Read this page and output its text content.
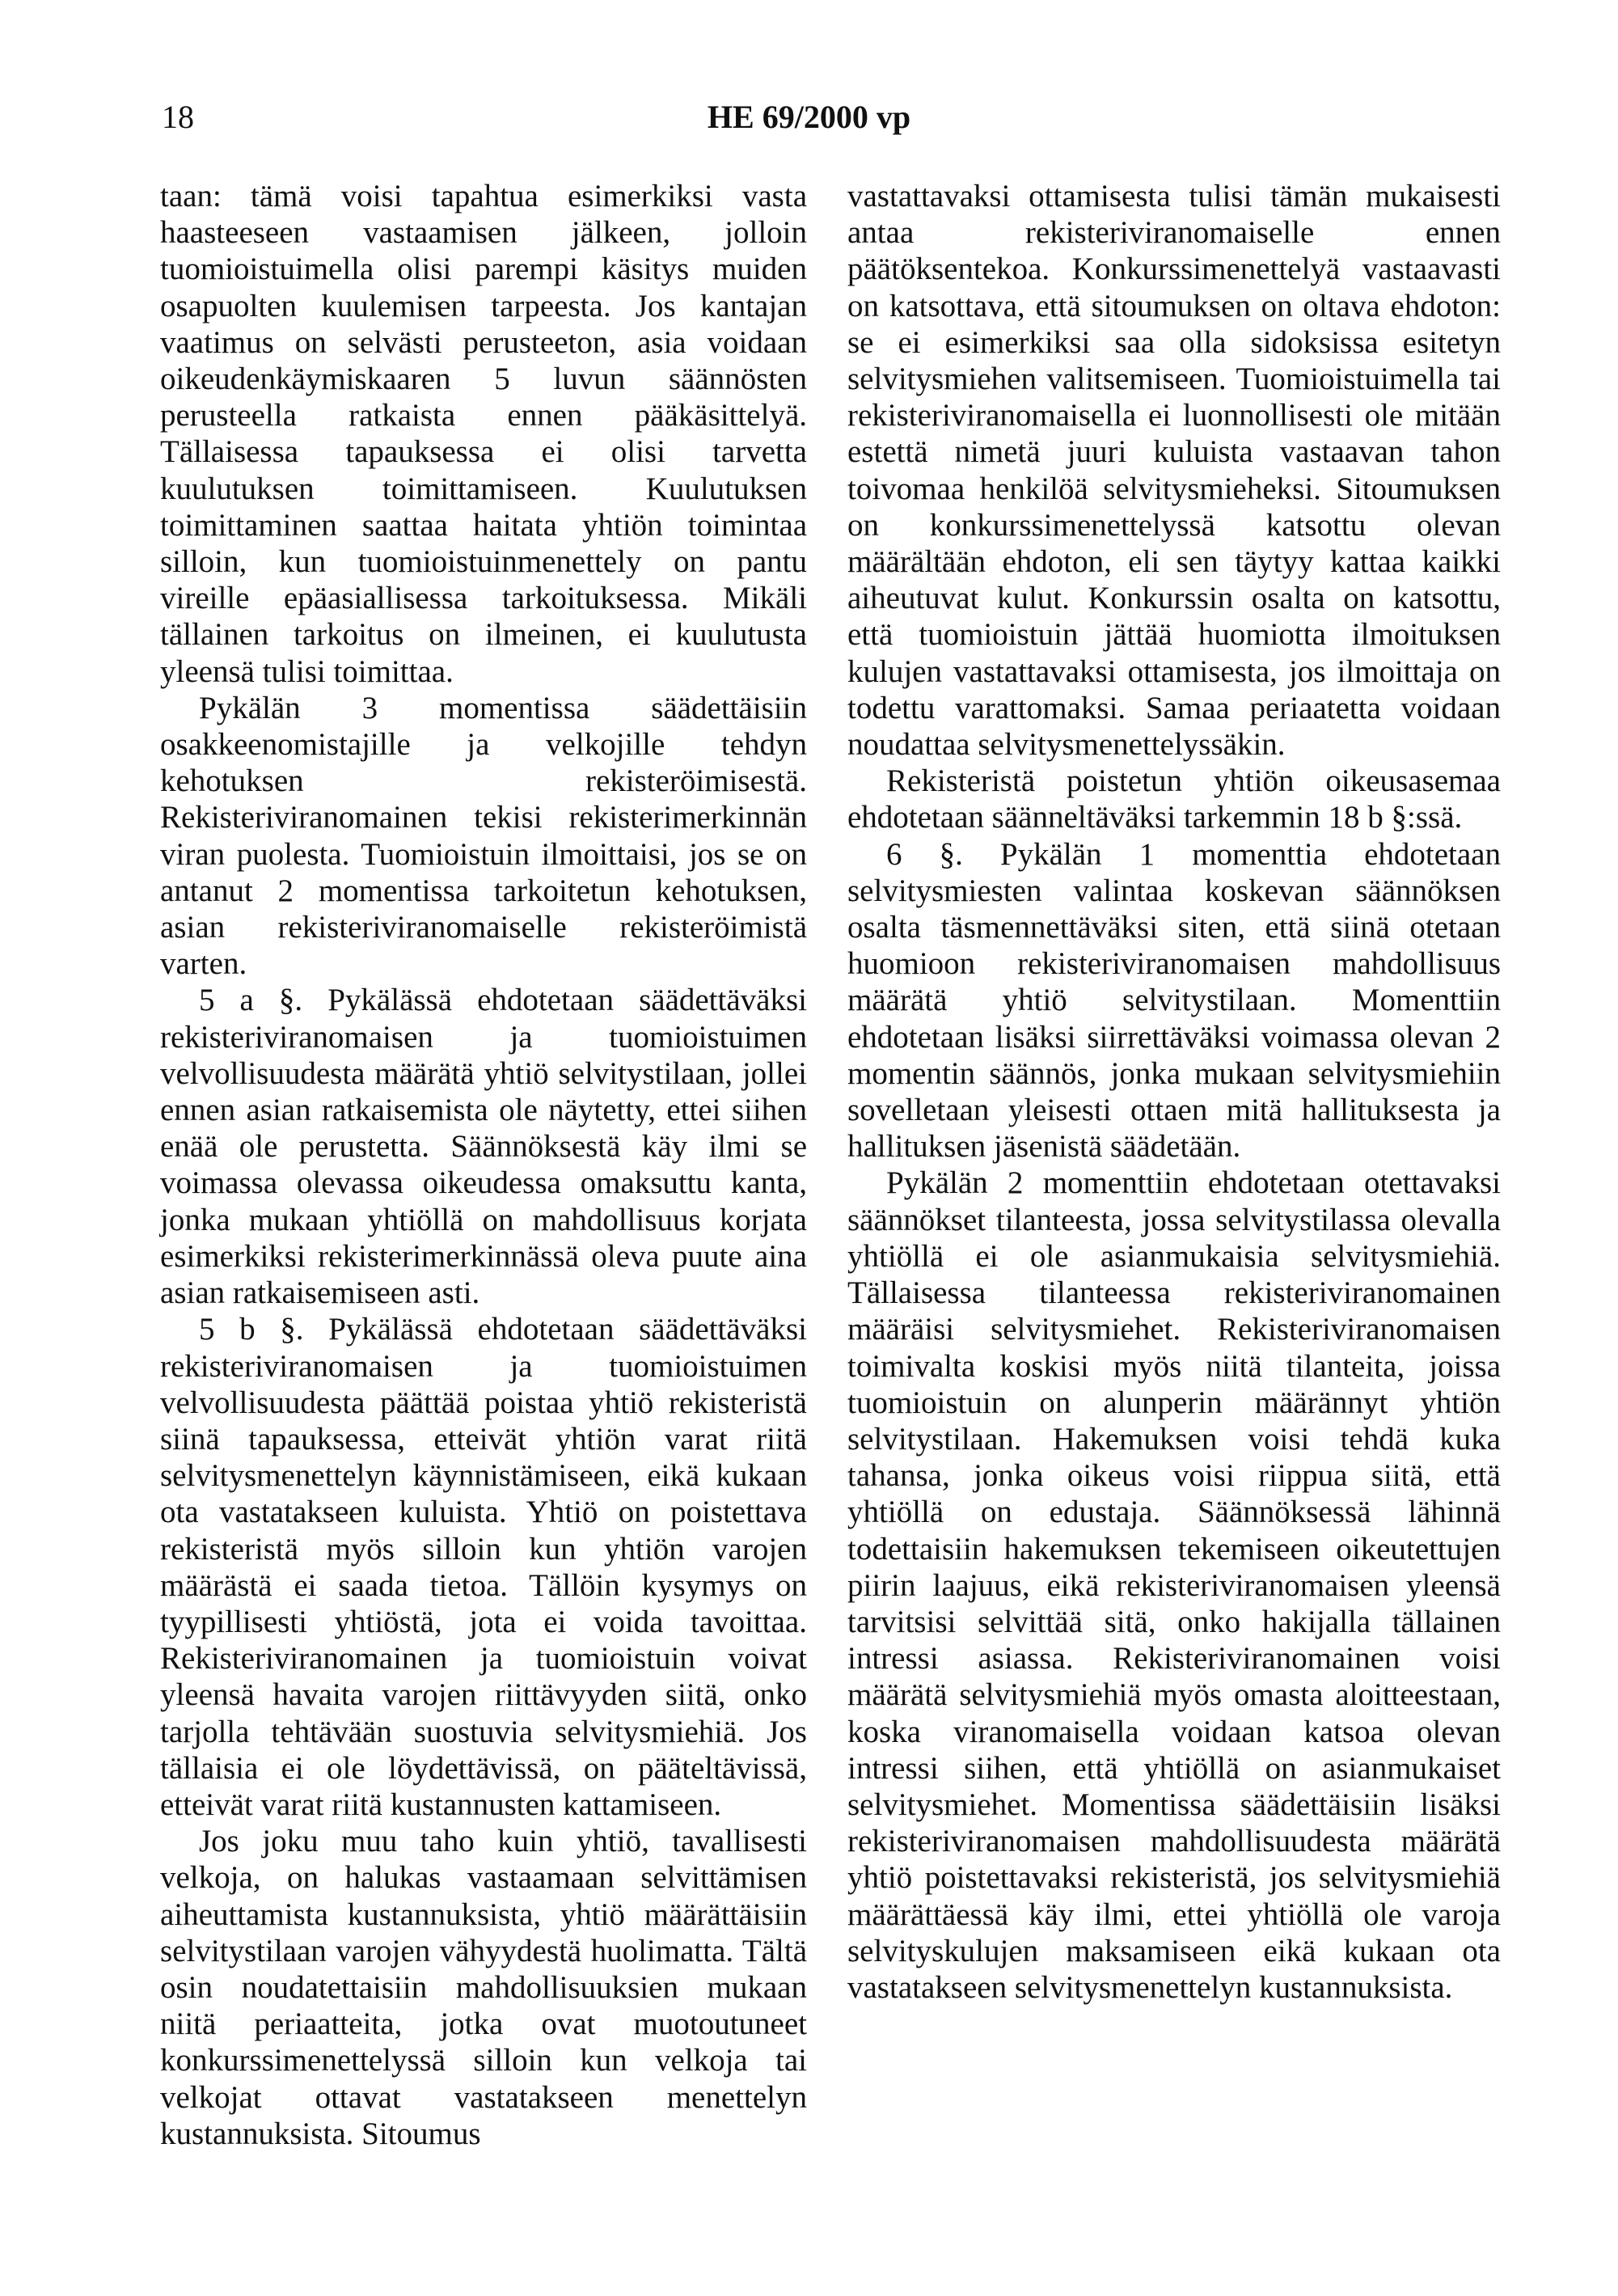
18	HE 69/2000 vp

taan: tämä voisi tapahtua esimerkiksi vasta haasteeseen vastaamisen jälkeen, jolloin tuomioistuimella olisi parempi käsitys muiden osapuolten kuulemisen tarpeesta. Jos kantajan vaatimus on selvästi perusteeton, asia voidaan oikeudenkäymiskaaren 5 luvun säännösten perusteella ratkaista ennen pääkäsittelyä. Tällaisessa tapauksessa ei olisi tarvetta kuulutuksen toimittamiseen. Kuulutuksen toimittaminen saattaa haitata yhtiön toimintaa silloin, kun tuomioistuinmenettely on pantu vireille epäasiallisessa tarkoituksessa. Mikäli tällainen tarkoitus on ilmeinen, ei kuulutusta yleensä tulisi toimittaa.

Pykälän 3 momentissa säädettäisiin osakkeenomistajille ja velkojille tehdyn kehotuksen rekisteröimisestä. Rekisteriviranomainen tekisi rekisterimerkinnän viran puolesta. Tuomioistuin ilmoittaisi, jos se on antanut 2 momentissa tarkoitetun kehotuksen, asian rekisteriviranomaiselle rekisteröimistä varten.

5 a §. Pykälässä ehdotetaan säädettäväksi rekisteriviranomaisen ja tuomioistuimen velvollisuudesta määrätä yhtiö selvitystilaan, jollei ennen asian ratkaisemista ole näytetty, ettei siihen enää ole perustetta. Säännöksestä käy ilmi se voimassa olevassa oikeudessa omaksuttu kanta, jonka mukaan yhtiöllä on mahdollisuus korjata esimerkiksi rekisterimerkinnässä oleva puute aina asian ratkaisemiseen asti.

5 b §. Pykälässä ehdotetaan säädettäväksi rekisteriviranomaisen ja tuomioistuimen velvollisuudesta päättää poistaa yhtiö rekisteristä siinä tapauksessa, etteivät yhtiön varat riitä selvitysmenettelyn käynnistämiseen, eikä kukaan ota vastatakseen kuluista. Yhtiö on poistettava rekisteristä myös silloin kun yhtiön varojen määrästä ei saada tietoa. Tällöin kysymys on tyypillisesti yhtiöstä, jota ei voida tavoittaa. Rekisteriviranomainen ja tuomioistuin voivat yleensä havaita varojen riittävyyden siitä, onko tarjolla tehtävään suostuvia selvitysmiehiä. Jos tällaisia ei ole löydettävissä, on pääteltävissä, etteivät varat riitä kustannusten kattamiseen.

Jos joku muu taho kuin yhtiö, tavallisesti velkoja, on halukas vastaamaan selvittämisen aiheuttamista kustannuksista, yhtiö määrättäisiin selvitystilaan varojen vähyydestä huolimatta. Tältä osin noudatettaisiin mahdollisuuksien mukaan niitä periaatteita, jotka ovat muotoutuneet konkurssimenettelyssä silloin kun velkoja tai velkojat ottavat vastatakseen menettelyn kustannuksista. Sitoumus

vastattavaksi ottamisesta tulisi tämän mukaisesti antaa rekisteriviranomaiselle ennen päätöksentekoa. Konkurssimenettelyä vastaavasti on katsottava, että sitoumuksen on oltava ehdoton: se ei esimerkiksi saa olla sidoksissa esitetyn selvitysmiehen valitsemiseen. Tuomioistuimella tai rekisteriviranomaisella ei luonnollisesti ole mitään estettä nimetä juuri kuluista vastaavan tahon toivomaa henkilöä selvitysmieheksi. Sitoumuksen on konkurssimenettelyssä katsottu olevan määrältään ehdoton, eli sen täytyy kattaa kaikki aiheutuvat kulut. Konkurssin osalta on katsottu, että tuomioistuin jättää huomiotta ilmoituksen kulujen vastattavaksi ottamisesta, jos ilmoittaja on todettu varattomaksi. Samaa periaatetta voidaan noudattaa selvitysmenettelyssäkin.

Rekisteristä poistetun yhtiön oikeusasemaa ehdotetaan säänneltäväksi tarkemmin 18 b §:ssä.

6 §. Pykälän 1 momenttia ehdotetaan selvitysmiesten valintaa koskevan säännöksen osalta täsmennettäväksi siten, että siinä otetaan huomioon rekisteriviranomaisen mahdollisuus määrätä yhtiö selvitystilaan. Momenttiin ehdotetaan lisäksi siirrettäväksi voimassa olevan 2 momentin säännös, jonka mukaan selvitysmiehiin sovelletaan yleisesti ottaen mitä hallituksesta ja hallituksen jäsenistä säädetään.

Pykälän 2 momenttiin ehdotetaan otettavaksi säännökset tilanteesta, jossa selvitystilassa olevalla yhtiöllä ei ole asianmukaisia selvitysmiehiä. Tällaisessa tilanteessa rekisteriviranomainen määräisi selvitysmiehet. Rekisteriviranomaisen toimivalta koskisi myös niitä tilanteita, joissa tuomioistuin on alunperin määrännyt yhtiön selvitystilaan. Hakemuksen voisi tehdä kuka tahansa, jonka oikeus voisi riippua siitä, että yhtiöllä on edustaja. Säännöksessä lähinnä todettaisiin hakemuksen tekemiseen oikeutettujen piirin laajuus, eikä rekisteriviranomaisen yleensä tarvitsisi selvittää sitä, onko hakijalla tällainen intressi asiassa. Rekisteriviranomainen voisi määrätä selvitysmiehiä myös omasta aloitteestaan, koska viranomaisella voidaan katsoa olevan intressi siihen, että yhtiöllä on asianmukaiset selvitysmiehet. Momentissa säädettäisiin lisäksi rekisteriviranomaisen mahdollisuudesta määrätä yhtiö poistettavaksi rekisteristä, jos selvitysmiehiä määrättäessä käy ilmi, ettei yhtiöllä ole varoja selvityskulujen maksamiseen eikä kukaan ota vastatakseen selvitysmenettelyn kustannuksista.
